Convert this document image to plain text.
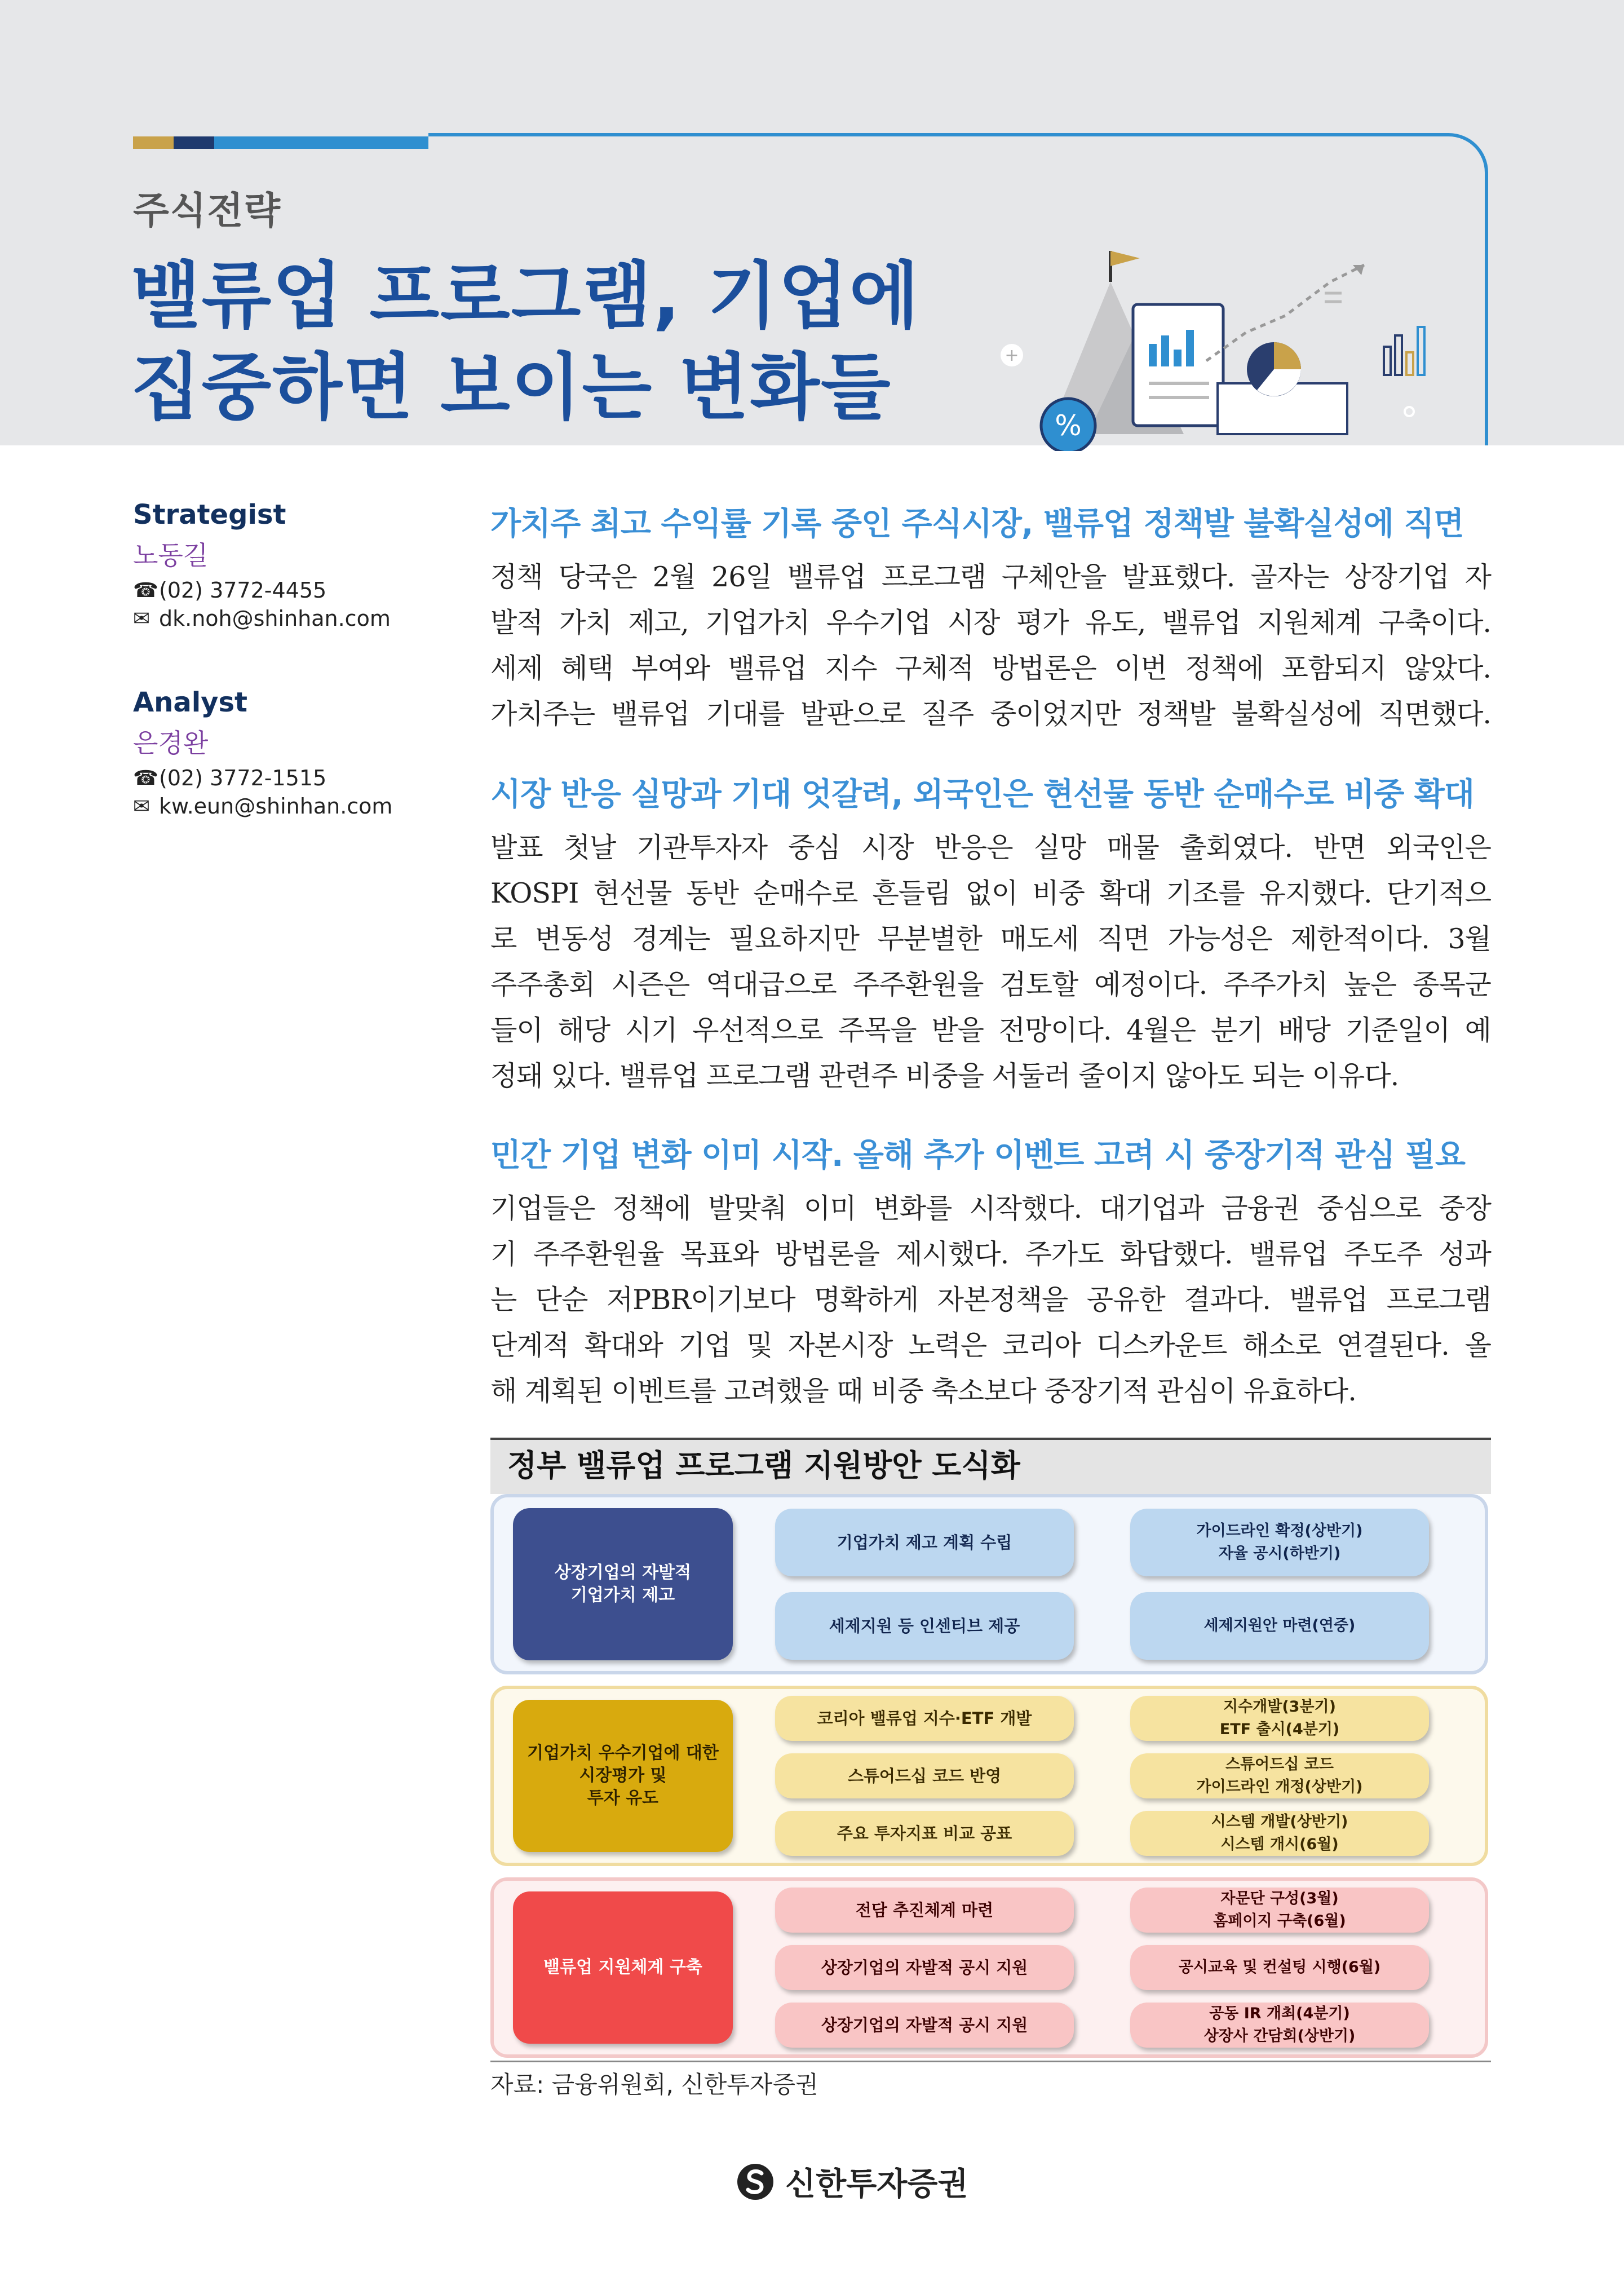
주식전략
밸류업 프로그램, 기업에
집중하면 보이는 변화들	+
%
Strategist
노동길
☎ (02) 3772-4455
✉ dk.noh@shinhan.com
Analyst
은경완
☎ (02) 3772-1515
✉ kw.eun@shinhan.com
가치주 최고 수익률 기록 중인 주식시장, 밸류업 정책발 불확실성에 직면
정책 당국은 2월 26일 밸류업 프로그램 구체안을 발표했다. 골자는 상장기업 자
발적 가치 제고, 기업가치 우수기업 시장 평가 유도, 밸류업 지원체계 구축이다.
세제 혜택 부여와 밸류업 지수 구체적 방법론은 이번 정책에 포함되지 않았다.
가치주는 밸류업 기대를 발판으로 질주 중이었지만 정책발 불확실성에 직면했다.
시장 반응 실망과 기대 엇갈려, 외국인은 현선물 동반 순매수로 비중 확대
발표 첫날 기관투자자 중심 시장 반응은 실망 매물 출회였다. 반면 외국인은
KOSPI 현선물 동반 순매수로 흔들림 없이 비중 확대 기조를 유지했다. 단기적으
로 변동성 경계는 필요하지만 무분별한 매도세 직면 가능성은 제한적이다. 3월
주주총회 시즌은 역대급으로 주주환원을 검토할 예정이다. 주주가치 높은 종목군
들이 해당 시기 우선적으로 주목을 받을 전망이다. 4월은 분기 배당 기준일이 예
정돼 있다. 밸류업 프로그램 관련주 비중을 서둘러 줄이지 않아도 되는 이유다.
민간 기업 변화 이미 시작. 올해 추가 이벤트 고려 시 중장기적 관심 필요
기업들은 정책에 발맞춰 이미 변화를 시작했다. 대기업과 금융권 중심으로 중장
기 주주환원율 목표와 방법론을 제시했다. 주가도 화답했다. 밸류업 주도주 성과
는 단순 저PBR이기보다 명확하게 자본정책을 공유한 결과다. 밸류업 프로그램
단계적 확대와 기업 및 자본시장 노력은 코리아 디스카운트 해소로 연결된다. 올
해 계획된 이벤트를 고려했을 때 비중 축소보다 중장기적 관심이 유효하다.
정부 밸류업 프로그램 지원방안 도식화
상장기업의 자발적
기업가치 제고
기업가치 제고 계획 수립
세제지원 등 인센티브 제공
가이드라인 확정(상반기)
자율 공시(하반기)
세제지원안 마련(연중)
기업가치 우수기업에 대한
시장평가 및
투자 유도
코리아 밸류업 지수·ETF 개발
스튜어드십 코드 반영
주요 투자지표 비교 공표
지수개발(3분기)
ETF 출시(4분기)
스튜어드십 코드
가이드라인 개정(상반기)
시스템 개발(상반기)
시스템 개시(6월)
밸류업 지원체계 구축
전담 추진체계 마련
상장기업의 자발적 공시 지원
상장기업의 자발적 공시 지원
자문단 구성(3월)
홈페이지 구축(6월)
공시교육 및 컨설팅 시행(6월)
공동 IR 개최(4분기)
상장사 간담회(상반기)
자료: 금융위원회, 신한투자증권
신한투자증권
